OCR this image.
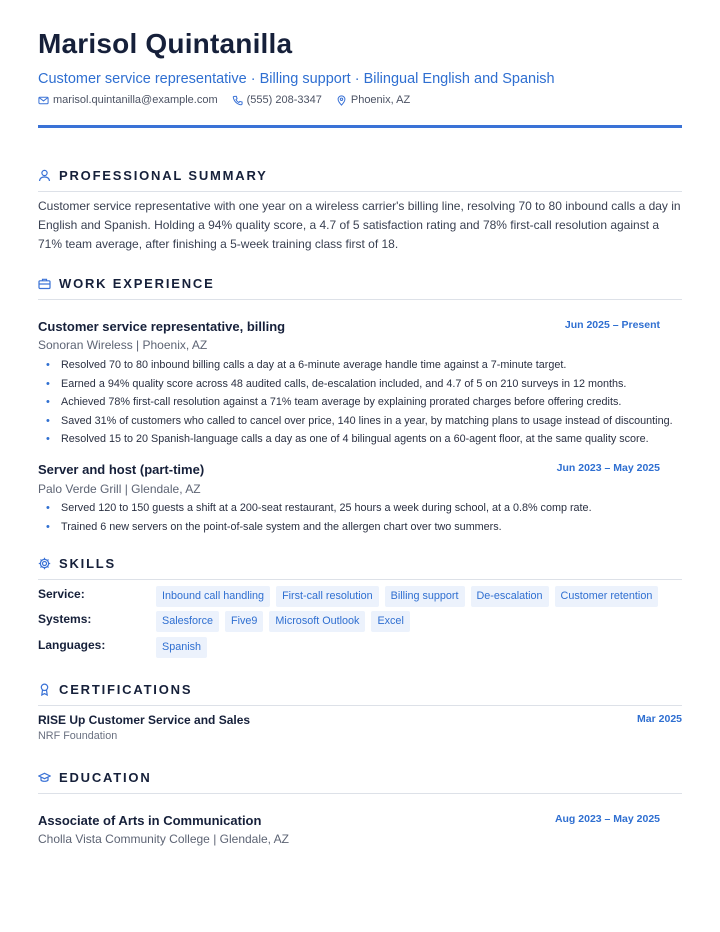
Marisol Quintanilla
Customer service representative · Billing support · Bilingual English and Spanish
marisol.quintanilla@example.com	(555) 208-3347	Phoenix, AZ
PROFESSIONAL SUMMARY
Customer service representative with one year on a wireless carrier's billing line, resolving 70 to 80 inbound calls a day in English and Spanish. Holding a 94% quality score, a 4.7 of 5 satisfaction rating and 78% first-call resolution against a 71% team average, after finishing a 5-week training class first of 18.
WORK EXPERIENCE
Customer service representative, billing	Jun 2025 – Present
Sonoran Wireless | Phoenix, AZ
• Resolved 70 to 80 inbound billing calls a day at a 6-minute average handle time against a 7-minute target.
• Earned a 94% quality score across 48 audited calls, de-escalation included, and 4.7 of 5 on 210 surveys in 12 months.
• Achieved 78% first-call resolution against a 71% team average by explaining prorated charges before offering credits.
• Saved 31% of customers who called to cancel over price, 140 lines in a year, by matching plans to usage instead of discounting.
• Resolved 15 to 20 Spanish-language calls a day as one of 4 bilingual agents on a 60-agent floor, at the same quality score.
Server and host (part-time)	Jun 2023 – May 2025
Palo Verde Grill | Glendale, AZ
• Served 120 to 150 guests a shift at a 200-seat restaurant, 25 hours a week during school, at a 0.8% comp rate.
• Trained 6 new servers on the point-of-sale system and the allergen chart over two summers.
SKILLS
Service:	Inbound call handling	First-call resolution	Billing support	De-escalation	Customer retention
Systems:	Salesforce	Five9	Microsoft Outlook	Excel
Languages:	Spanish
CERTIFICATIONS
RISE Up Customer Service and Sales	Mar 2025
NRF Foundation
EDUCATION
Associate of Arts in Communication	Aug 2023 – May 2025
Cholla Vista Community College | Glendale, AZ
